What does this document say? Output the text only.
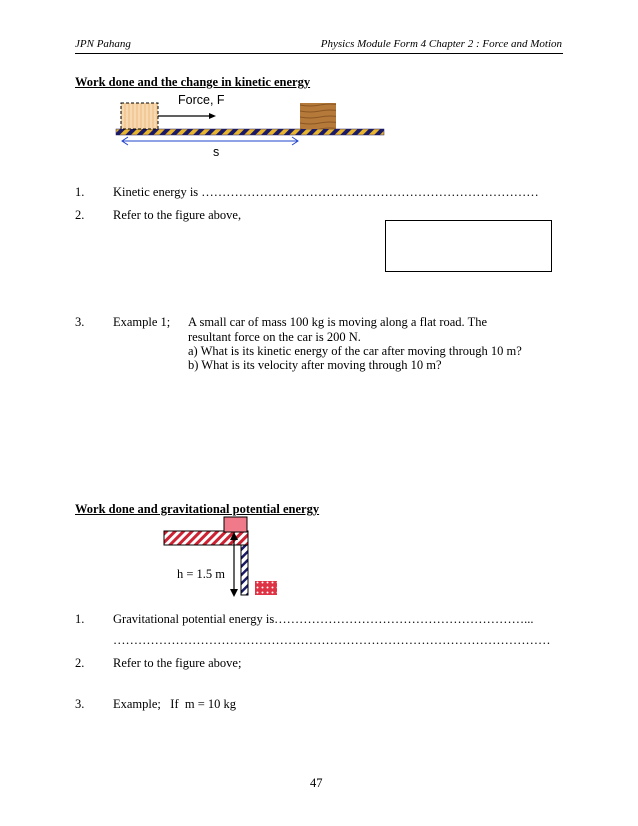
JPN Pahang	Physics Module Form 4 Chapter 2 : Force and Motion
Work done and the change in kinetic energy
Force, F
s
1. Kinetic energy is ………………………………………………………………………
2. Refer to the figure above,
3. Example 1; A small car of mass 100 kg is moving along a flat road. The
resultant force on the car is 200 N.
a) What is its kinetic energy of the car after moving through 10 m?
b) What is its velocity after moving through 10 m?
Work done and gravitational potential energy
h = 1.5 m
1. Gravitational potential energy is……………………………………………………...
……………………………………………………………………………………………
2. Refer to the figure above;
3. Example;   If  m = 10 kg
47
